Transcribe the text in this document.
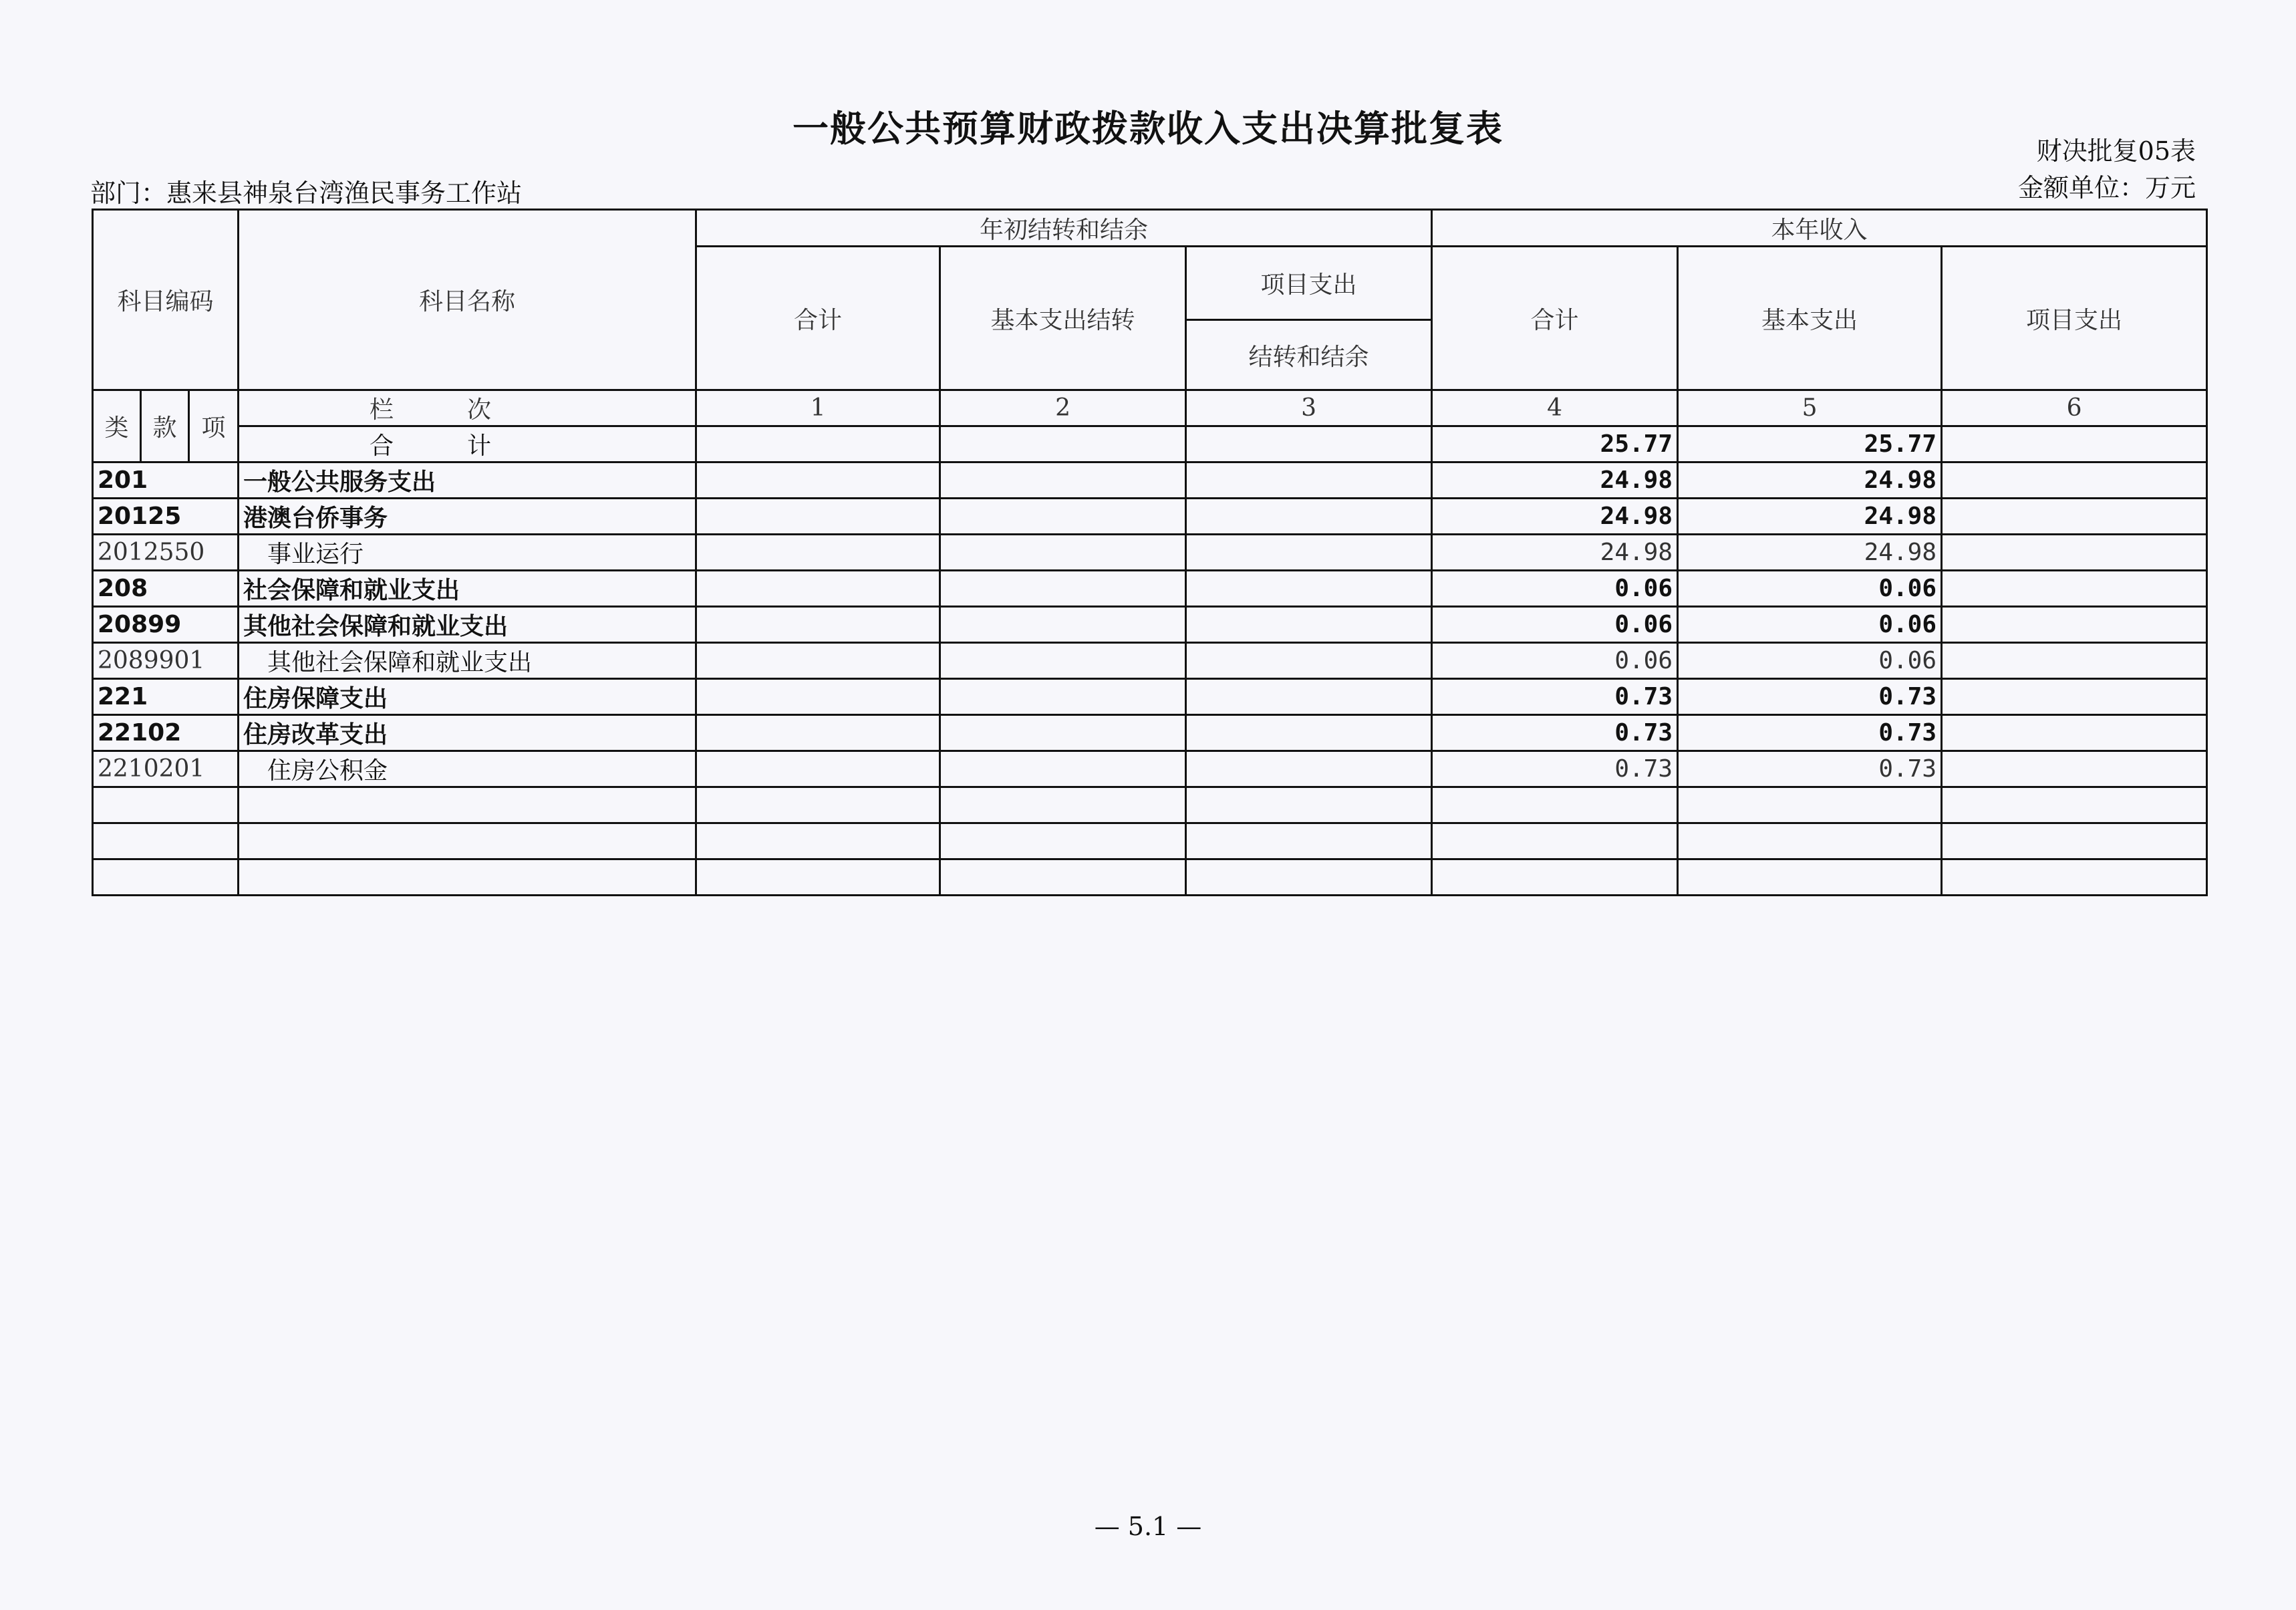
一般公共预算财政拨款收入支出决算批复表
财决批复05表
金额单位：万元
部门：惠来县神泉台湾渔民事务工作站
科目编码			科目名称	年初结转和结余			本年收入		
				合计	基本支出结转	项目支出	合计	基本支出	项目支出
						结转和结余			
类	款	项	栏次	1	2	3	4	5	6
			合计				25.77	25.77	
201			一般公共服务支出				24.98	24.98	
20125			港澳台侨事务				24.98	24.98	
2012550			事业运行				24.98	24.98	
208			社会保障和就业支出				0.06	0.06	
20899			其他社会保障和就业支出				0.06	0.06	
2089901			其他社会保障和就业支出				0.06	0.06	
221			住房保障支出				0.73	0.73	
22102			住房改革支出				0.73	0.73	
2210201			住房公积金				0.73	0.73	

— 5.1 —
